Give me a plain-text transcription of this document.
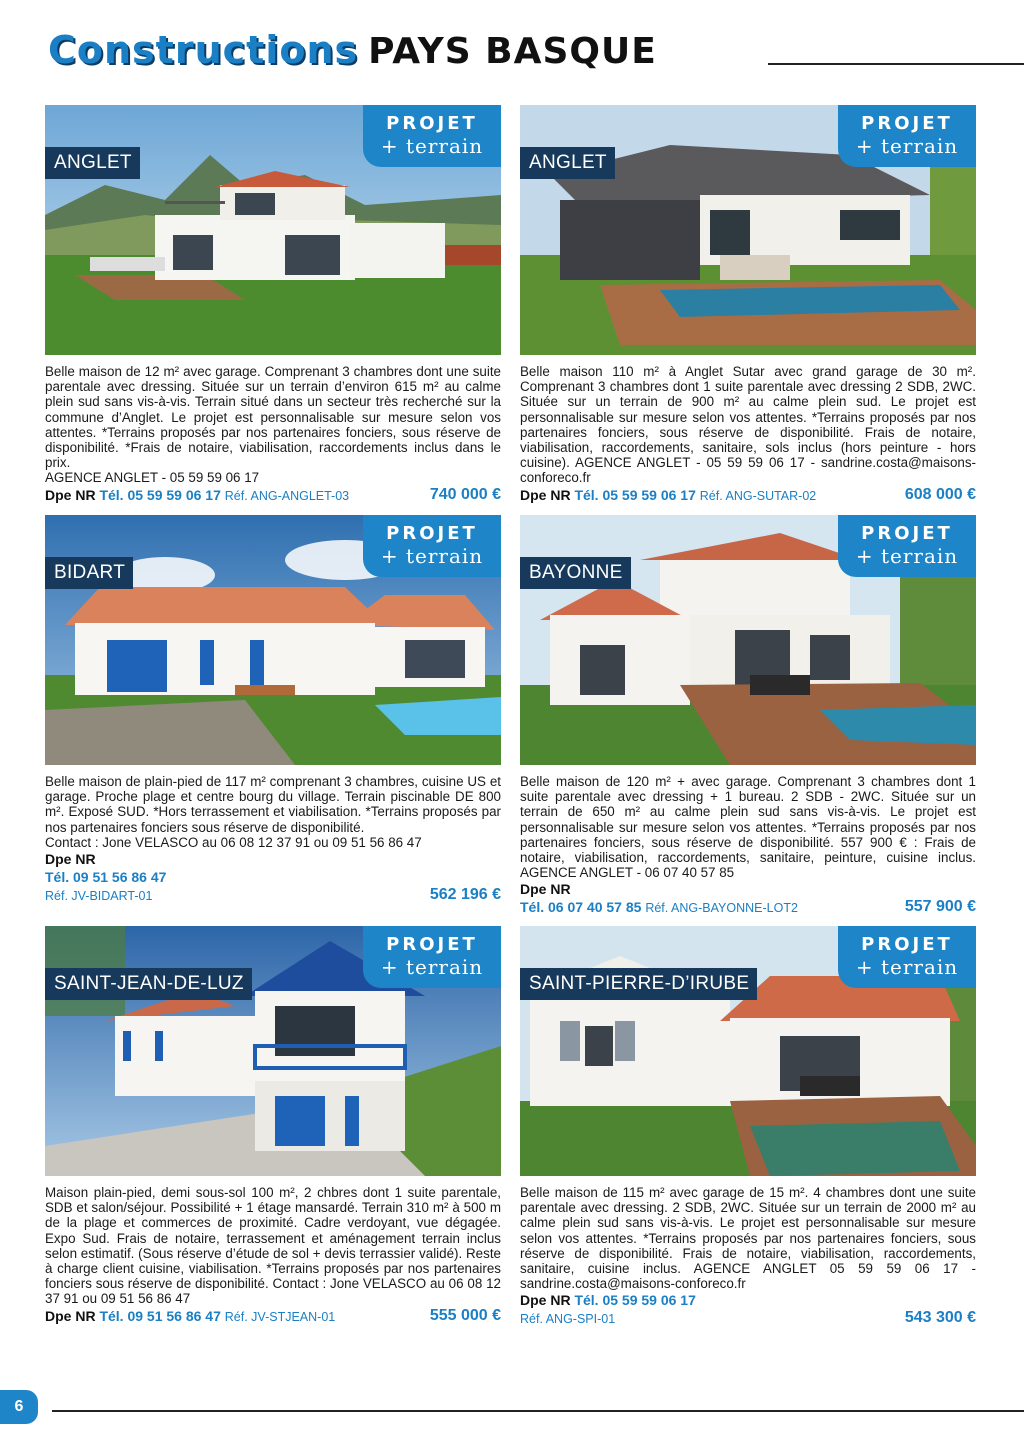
Constructions PAYS BASQUE
ANGLET
PROJET
+ terrain
Belle maison de 12 m² avec garage. Comprenant 3 chambres dont une suite parentale avec dressing. Située sur un terrain d’environ 615 m² au calme plein sud sans vis-à-vis. Terrain situé dans un secteur très recherché sur la commune d’Anglet. Le projet est personnalisable sur mesure selon vos attentes. *Terrains proposés par nos partenaires fonciers, sous réserve de disponibilité. *Frais de notaire, viabilisation, raccordements inclus dans le prix.
AGENCE ANGLET - 05 59 59 06 17
Dpe NR Tél. 05 59 59 06 17 Réf. ANG-ANGLET-03	740 000 €
ANGLET
PROJET
+ terrain
Belle maison 110 m² à Anglet Sutar avec grand garage de 30 m². Comprenant 3 chambres dont 1 suite parentale avec dressing 2 SDB, 2WC. Située sur un terrain de 900 m² au calme plein sud. Le projet est personnalisable sur mesure selon vos attentes. *Terrains proposés par nos partenaires fonciers, sous réserve de disponibilité. Frais de notaire, viabilisation, raccordements, sanitaire, sols inclus (hors peinture - hors cuisine). AGENCE ANGLET - 05 59 59 06 17 - sandrine.costa@maisons-conforeco.fr
Dpe NR Tél. 05 59 59 06 17 Réf. ANG-SUTAR-02	608 000 €
BIDART
PROJET
+ terrain
Belle maison de plain-pied de 117 m² comprenant 3 chambres, cuisine US et garage. Proche plage et centre bourg du village. Terrain piscinable DE 800 m². Exposé SUD. *Hors terrassement et viabilisation. *Terrains proposés par nos partenaires fonciers sous réserve de disponibilité.
Contact : Jone VELASCO au 06 08 12 37 91 ou 09 51 56 86 47
Dpe NR
Tél. 09 51 56 86 47
Réf. JV-BIDART-01	562 196 €
BAYONNE
PROJET
+ terrain
Belle maison de 120 m² + avec garage. Comprenant 3 chambres dont 1 suite parentale avec dressing + 1 bureau. 2 SDB - 2WC. Située sur un terrain de 650 m² au calme plein sud sans vis-à-vis. Le projet est personnalisable sur mesure selon vos attentes. *Terrains proposés par nos partenaires fonciers, sous réserve de disponibilité. 557 900 € : Frais de notaire, viabilisation, raccordements, sanitaire, peinture, cuisine inclus. AGENCE ANGLET - 06 07 40 57 85
Dpe NR
Tél. 06 07 40 57 85 Réf. ANG-BAYONNE-LOT2	557 900 €
SAINT-JEAN-DE-LUZ
PROJET
+ terrain
Maison plain-pied, demi sous-sol 100 m², 2 chbres dont 1 suite parentale, SDB et salon/séjour. Possibilité + 1 étage mansardé. Terrain 310 m² à 500 m de la plage et commerces de proximité. Cadre verdoyant, vue dégagée. Expo Sud. Frais de notaire, terrassement et aménagement terrain inclus selon estimatif. (Sous réserve d’étude de sol + devis terrassier validé). Reste à charge client cuisine, viabilisation. *Terrains proposés par nos partenaires fonciers sous réserve de disponibilité. Contact : Jone VELASCO au 06 08 12 37 91 ou 09 51 56 86 47
Dpe NR Tél. 09 51 56 86 47 Réf. JV-STJEAN-01	555 000 €
SAINT-PIERRE-D’IRUBE
PROJET
+ terrain
Belle maison de 115 m² avec garage de 15 m². 4 chambres dont une suite parentale avec dressing. 2 SDB, 2WC. Située sur un terrain de 2000 m² au calme plein sud sans vis-à-vis. Le projet est personnalisable sur mesure selon vos attentes. *Terrains proposés par nos partenaires fonciers, sous réserve de disponibilité. Frais de notaire, viabilisation, raccordements, sanitaire, cuisine inclus. AGENCE ANGLET 05 59 59 06 17 - sandrine.costa@maisons-conforeco.fr
Dpe NR Tél. 05 59 59 06 17
Réf. ANG-SPI-01	543 300 €
6
